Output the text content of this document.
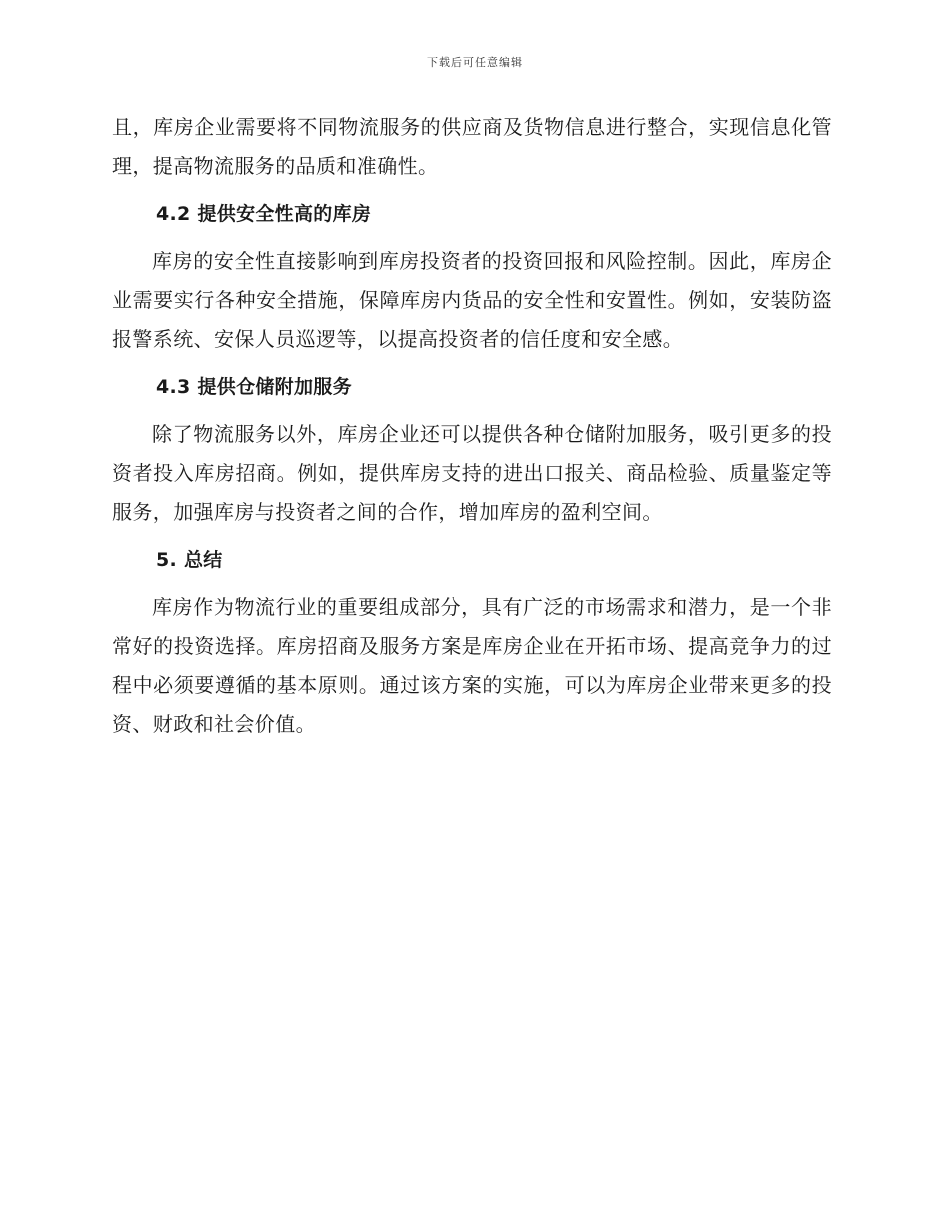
下载后可任意编辑

且，库房企业需要将不同物流服务的供应商及货物信息进行整合，实现信息化管理，提高物流服务的品质和准确性。

4.2 提供安全性高的库房

库房的安全性直接影响到库房投资者的投资回报和风险控制。因此，库房企业需要实行各种安全措施，保障库房内货品的安全性和安置性。例如，安装防盗报警系统、安保人员巡逻等，以提高投资者的信任度和安全感。

4.3 提供仓储附加服务

除了物流服务以外，库房企业还可以提供各种仓储附加服务，吸引更多的投资者投入库房招商。例如，提供库房支持的进出口报关、商品检验、质量鉴定等服务，加强库房与投资者之间的合作，增加库房的盈利空间。

5. 总结

库房作为物流行业的重要组成部分，具有广泛的市场需求和潜力，是一个非常好的投资选择。库房招商及服务方案是库房企业在开拓市场、提高竞争力的过程中必须要遵循的基本原则。通过该方案的实施，可以为库房企业带来更多的投资、财政和社会价值。
